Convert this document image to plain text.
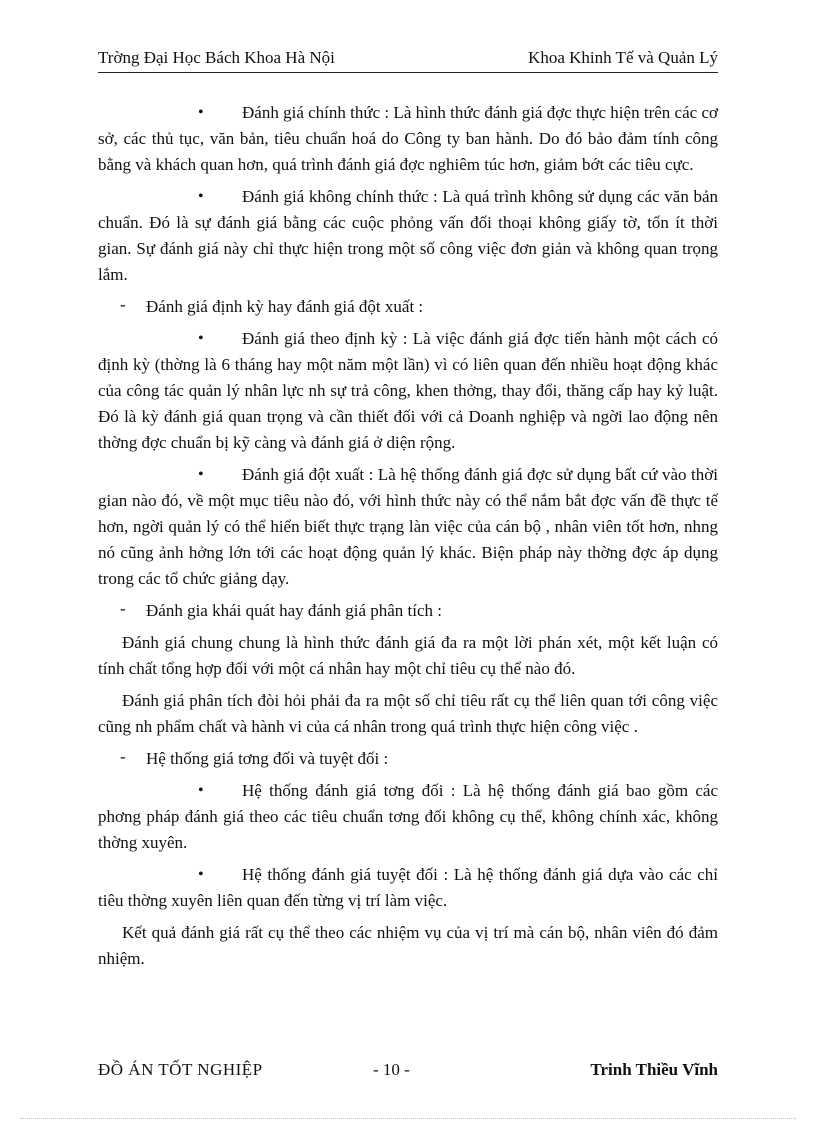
Trờng Đại Học Bách Khoa Hà Nội	Khoa Khinh Tế và Quản Lý

• Đánh giá chính thức : Là hình thức đánh giá đợc thực hiện trên các cơ sở, các thủ tục, văn bản, tiêu chuẩn hoá do Công ty ban hành. Do đó bảo đảm tính công bằng và khách quan hơn, quá trình đánh giá đợc nghiêm túc hơn, giảm bớt các tiêu cực.

• Đánh giá không chính thức : Là quá trình không sử dụng các văn bản chuẩn. Đó là sự đánh giá bằng các cuộc phỏng vấn đối thoại không giấy tờ, tốn ít thời gian. Sự đánh giá này chỉ thực hiện trong một số công việc đơn giản và không quan trọng lắm.

- Đánh giá định kỳ hay đánh giá đột xuất :

• Đánh giá theo định kỳ : Là việc đánh giá đợc tiến hành một cách có định kỳ (thờng là 6 tháng hay một năm một lần) vì có liên quan đến nhiều hoạt động khác của công tác quản lý nhân lực nh sự trả công, khen thởng, thay đổi, thăng cấp hay kỷ luật. Đó là kỳ đánh giá quan trọng và cần thiết đối với cả Doanh nghiệp và ngời lao động nên thờng đợc chuẩn bị kỹ càng và đánh giá ở diện rộng.

• Đánh giá đột xuất : Là hệ thống đánh giá đợc sử dụng bất cứ vào thời gian nào đó, về một mục tiêu nào đó, với hình thức này có thể nắm bắt đợc vấn đề thực tế hơn, ngời quản lý có thể hiển biết thực trạng làn việc của cán bộ , nhân viên tốt hơn, nhng nó cũng ảnh hởng lớn tới các hoạt động quản lý khác. Biện pháp này thờng đợc áp dụng trong các tổ chức giảng dạy.

- Đánh gia khái quát hay đánh giá phân tích :

Đánh giá chung chung là hình thức đánh giá đa ra một lời phán xét, một kết luận có tính chất tổng hợp đối với một cá nhân hay một chỉ tiêu cụ thể nào đó.

Đánh giá phân tích đòi hỏi phải đa ra một số chỉ tiêu rất cụ thể liên quan tới công việc cũng nh phẩm chất và hành vi của cá nhân trong quá trình thực hiện công việc .

- Hệ thống giá tơng đối và tuyệt đối :

• Hệ thống đánh giá tơng đối : Là hệ thống đánh giá bao gồm các phơng pháp đánh giá theo các tiêu chuẩn tơng đối không cụ thể, không chính xác, không thờng xuyên.

• Hệ thống đánh giá tuyệt đối : Là hệ thống đánh giá dựa vào các chỉ tiêu thờng xuyên liên quan đến từng vị trí làm việc.

Kết quả đánh giá rất cụ thể theo các nhiệm vụ của vị trí mà cán bộ, nhân viên đó đảm nhiệm.

ĐỒ ÁN TỐT NGHIỆP	- 10 -	Trinh Thiều Vĩnh
